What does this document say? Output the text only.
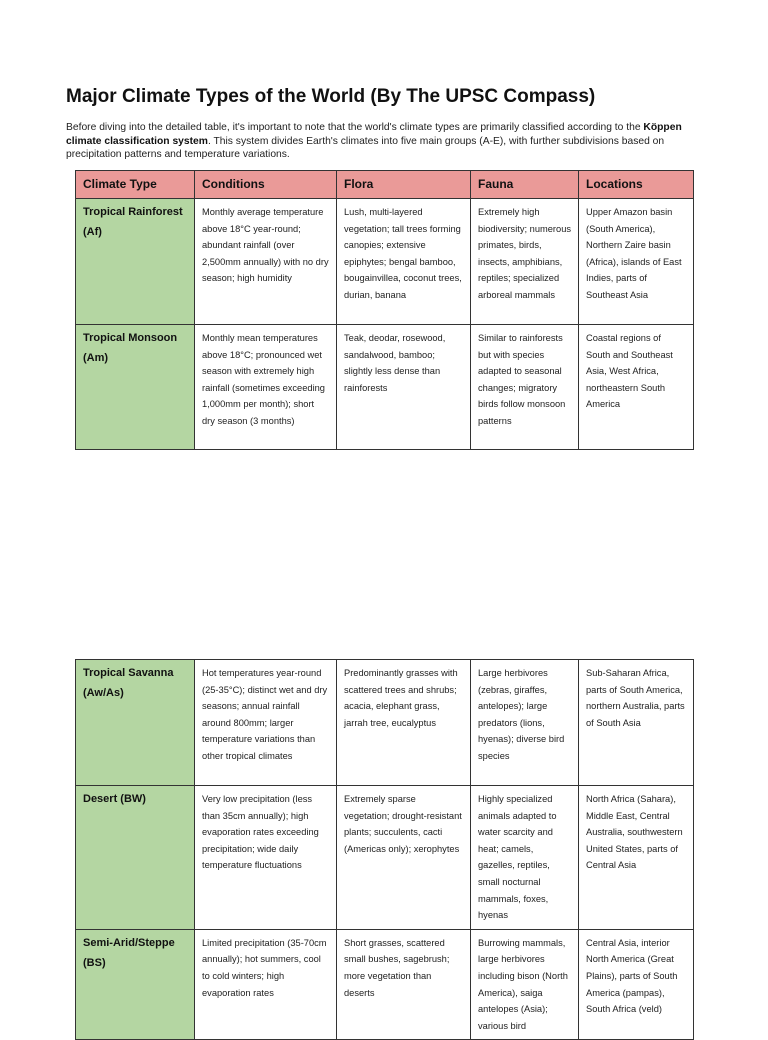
Major Climate Types of the World (By The UPSC Compass)

Before diving into the detailed table, it's important to note that the world's climate types are primarily classified according to the Köppen climate classification system. This system divides Earth's climates into five main groups (A-E), with further subdivisions based on precipitation patterns and temperature variations.

Climate Type	Conditions	Flora	Fauna	Locations
Tropical Rainforest (Af)	Monthly average temperature above 18°C year-round; abundant rainfall (over 2,500mm annually) with no dry season; high humidity	Lush, multi-layered vegetation; tall trees forming canopies; extensive epiphytes; bengal bamboo, bougainvillea, coconut trees, durian, banana	Extremely high biodiversity; numerous primates, birds, insects, amphibians, reptiles; specialized arboreal mammals	Upper Amazon basin (South America), Northern Zaire basin (Africa), islands of East Indies, parts of Southeast Asia
Tropical Monsoon (Am)	Monthly mean temperatures above 18°C; pronounced wet season with extremely high rainfall (sometimes exceeding 1,000mm per month); short dry season (3 months)	Teak, deodar, rosewood, sandalwood, bamboo; slightly less dense than rainforests	Similar to rainforests but with species adapted to seasonal changes; migratory birds follow monsoon patterns	Coastal regions of South and Southeast Asia, West Africa, northeastern South America
Tropical Savanna (Aw/As)	Hot temperatures year-round (25-35°C); distinct wet and dry seasons; annual rainfall around 800mm; larger temperature variations than other tropical climates	Predominantly grasses with scattered trees and shrubs; acacia, elephant grass, jarrah tree, eucalyptus	Large herbivores (zebras, giraffes, antelopes); large predators (lions, hyenas); diverse bird species	Sub-Saharan Africa, parts of South America, northern Australia, parts of South Asia
Desert (BW)	Very low precipitation (less than 35cm annually); high evaporation rates exceeding precipitation; wide daily temperature fluctuations	Extremely sparse vegetation; drought-resistant plants; succulents, cacti (Americas only); xerophytes	Highly specialized animals adapted to water scarcity and heat; camels, gazelles, reptiles, small nocturnal mammals, foxes, hyenas	North Africa (Sahara), Middle East, Central Australia, southwestern United States, parts of Central Asia
Semi-Arid/Steppe (BS)	Limited precipitation (35-70cm annually); hot summers, cool to cold winters; high evaporation rates	Short grasses, scattered small bushes, sagebrush; more vegetation than deserts	Burrowing mammals, large herbivores including bison (North America), saiga antelopes (Asia); various bird	Central Asia, interior North America (Great Plains), parts of South America (pampas), South Africa (veld)
